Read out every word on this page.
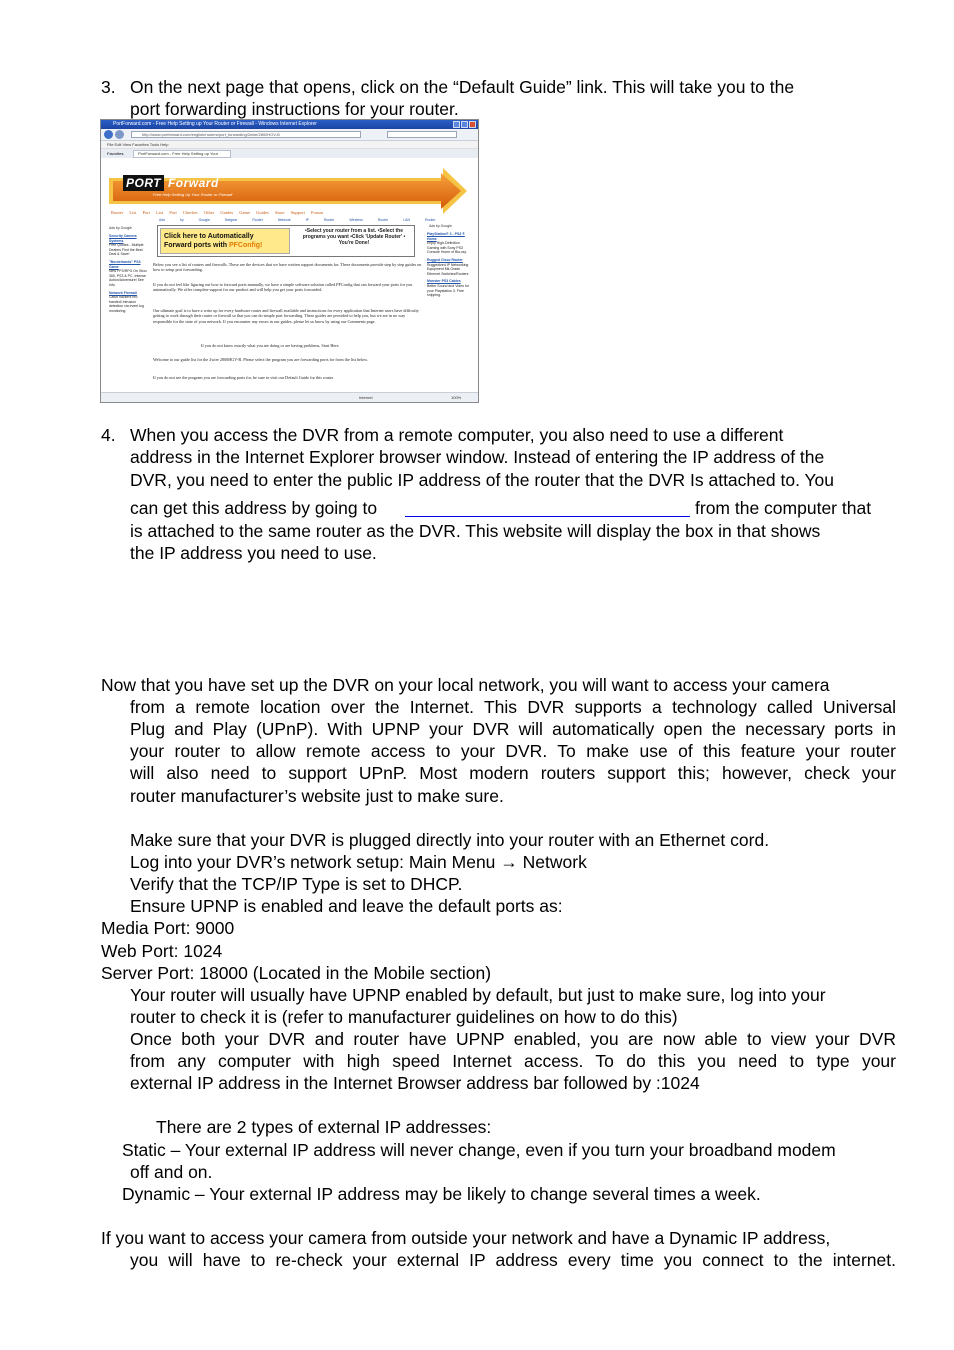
3. On the next page that opens, click on the “Default Guide” link. This will take you to the
port forwarding instructions for your router.
PortForward.com - Free Help Setting up Your Router or Firewall - Windows Internet Explorer
http://www.portforward.com/english/routers/port_forwarding/2wire/2800HGV-B
File Edit View Favorites Tools Help
Favorites	PortForward.com - Free Help Setting up Your
PORT Forward
Free Help Setting Up Your Router or Firewall
Router List Port List Port Checker Other Guides Game Guides Store Support Forum
Ads by Google Netgear Router Network IP Router Wireless Router LAN Router
Ads by Google	Ads by Google
Security Camera Systems
Free Quotes - Multiple Dealers Find the Best Deal & Save!
"Borderlands" PS3 Game
New FPS/RPG On Xbox 360, PS3 & PC. Intense Action/Adventure! See Info
Network Firewall
Catch hackers red handed! Intrusion detection via event log monitoring.
PlayStation® 3 - PS3 ® Home
Enjoy High-Definition Gaming with Sony PS3 Console Home of Blu-ray.
Rugged Cisco Router
Ruggedized IP Networking Equipment Mil-Grade Ethernet Switches/Routers
Monster PS3 Cables
Better Sound and Video for your Playstation 3. Free shipping.
Click here to Automatically
Forward ports with PFConfig!
•Select your router from a list. •Select the programs you want •Click 'Update Router' • You're Done!
Below you see a list of routers and firewalls. These are the devices that we have written support documents for. These documents provide step by step guides on how to setup port forwarding.
If you do not feel like figuring out how to forward ports manually, we have a simple software solution called PFConfig that can forward your ports for you automatically. We offer complete support for our product and will help you get your ports forwarded.
Our ultimate goal is to have a write up for every hardware router and firewall available and instructions for every application that Internet users have difficulty getting to work through their router or firewall so that you can do simple port forwarding. These guides are provided to help you, but we are in no way responsible for the state of your network. If you encounter any errors in our guides, please let us know by using our Comments page.
If you do not know exactly what you are doing or are having problems, Start Here.
Welcome to our guide list for the 2wire 2800HGV-B. Please select the program you are forwarding ports for from the list below.
If you do not see the program you are forwarding ports for, be sure to visit our Default Guide for this router.
Internet	100%
4. When you access the DVR from a remote computer, you also need to use a different
address in the Internet Explorer browser window. Instead of entering the IP address of the
DVR, you need to enter the public IP address of the router that the DVR Is attached to. You
can get this address by going to	from the computer that
is attached to the same router as the DVR. This website will display the box in that shows
the IP address you need to use.
Now that you have set up the DVR on your local network, you will want to access your camera
from a remote location over the Internet. This DVR supports a technology called Universal
Plug and Play (UPnP). With UPNP your DVR will automatically open the necessary ports in
your router to allow remote access to your DVR. To make use of this feature your router
will also need to support UPnP. Most modern routers support this; however, check your
router manufacturer’s website just to make sure.
Make sure that your DVR is plugged directly into your router with an Ethernet cord.
Log into your DVR’s network setup: Main Menu → Network
Verify that the TCP/IP Type is set to DHCP.
Ensure UPNP is enabled and leave the default ports as:
Media Port: 9000
Web Port: 1024
Server Port: 18000 (Located in the Mobile section)
Your router will usually have UPNP enabled by default, but just to make sure, log into your
router to check it is (refer to manufacturer guidelines on how to do this)
Once both your DVR and router have UPNP enabled, you are now able to view your DVR
from any computer with high speed Internet access. To do this you need to type your
external IP address in the Internet Browser address bar followed by :1024
There are 2 types of external IP addresses:
Static – Your external IP address will never change, even if you turn your broadband modem
off and on.
Dynamic – Your external IP address may be likely to change several times a week.
If you want to access your camera from outside your network and have a Dynamic IP address,
you will have to re-check your external IP address every time you connect to the internet.
